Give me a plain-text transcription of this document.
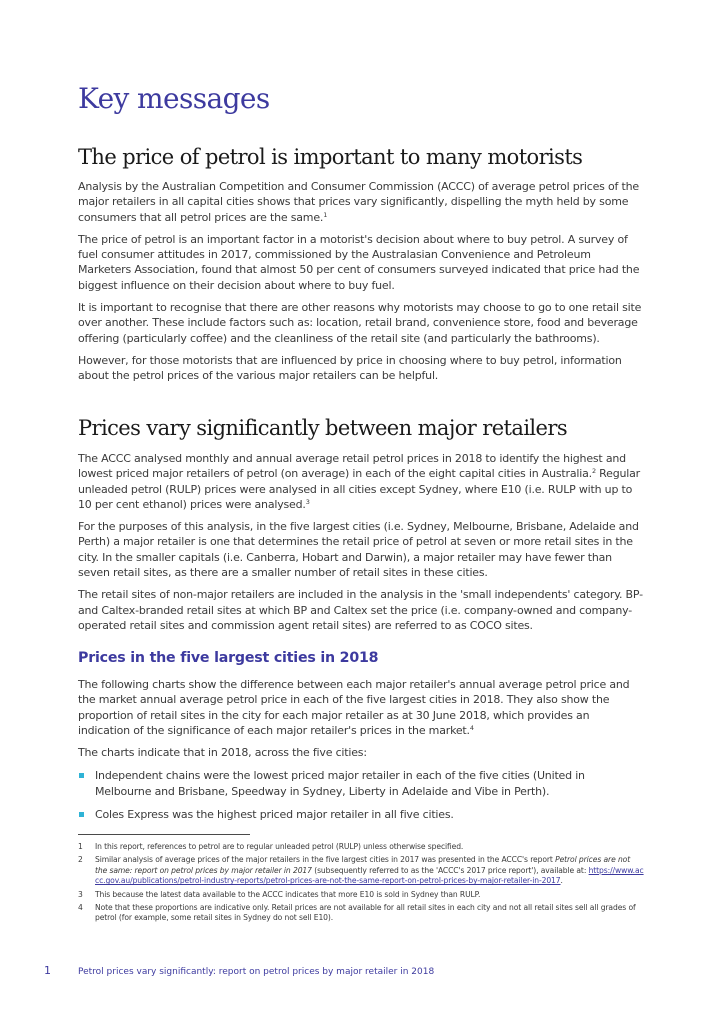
Key messages
The price of petrol is important to many motorists

Analysis by the Australian Competition and Consumer Commission (ACCC) of average petrol prices of the major retailers in all capital cities shows that prices vary significantly, dispelling the myth held by some consumers that all petrol prices are the same.$^1$

The price of petrol is an important factor in a motorist's decision about where to buy petrol. A survey of fuel consumer attitudes in 2017, commissioned by the Australasian Convenience and Petroleum Marketers Association, found that almost 50 per cent of consumers surveyed indicated that price had the biggest influence on their decision about where to buy fuel.

It is important to recognise that there are other reasons why motorists may choose to go to one retail site over another. These include factors such as: location, retail brand, convenience store, food and beverage offering (particularly coffee) and the cleanliness of the retail site (and particularly the bathrooms).

However, for those motorists that are influenced by price in choosing where to buy petrol, information about the petrol prices of the various major retailers can be helpful.

Prices vary significantly between major retailers

The ACCC analysed monthly and annual average retail petrol prices in 2018 to identify the highest and lowest priced major retailers of petrol (on average) in each of the eight capital cities in Australia.$^2$ Regular unleaded petrol (RULP) prices were analysed in all cities except Sydney, where E10 (i.e. RULP with up to 10 per cent ethanol) prices were analysed.$^3$

For the purposes of this analysis, in the five largest cities (i.e. Sydney, Melbourne, Brisbane, Adelaide and Perth) a major retailer is one that determines the retail price of petrol at seven or more retail sites in the city. In the smaller capitals (i.e. Canberra, Hobart and Darwin), a major retailer may have fewer than seven retail sites, as there are a smaller number of retail sites in these cities.

The retail sites of non-major retailers are included in the analysis in the 'small independents' category. BP- and Caltex-branded retail sites at which BP and Caltex set the price (i.e. company-owned and company-operated retail sites and commission agent retail sites) are referred to as COCO sites.

Prices in the five largest cities in 2018

The following charts show the difference between each major retailer's annual average petrol price and the market annual average petrol price in each of the five largest cities in 2018. They also show the proportion of retail sites in the city for each major retailer as at 30 June 2018, which provides an indication of the significance of each major retailer's prices in the market.$^4$

The charts indicate that in 2018, across the five cities:

Independent chains were the lowest priced major retailer in each of the five cities (United in Melbourne and Brisbane, Speedway in Sydney, Liberty in Adelaide and Vibe in Perth).
Coles Express was the highest priced major retailer in all five cities.
1 In this report, references to petrol are to regular unleaded petrol (RULP) unless otherwise specified.
2 Similar analysis of average prices of the major retailers in the five largest cities in 2017 was presented in the ACCC's report Petrol prices are not the same: report on petrol prices by major retailer in 2017 (subsequently referred to as the 'ACCC's 2017 price report'), available at: https://www.accc.gov.au/publications/petrol-industry-reports/petrol-prices-are-not-the-same-report-on-petrol-prices-by-major-retailer-in-2017.
3 This because the latest data available to the ACCC indicates that more E10 is sold in Sydney than RULP.
4 Note that these proportions are indicative only. Retail prices are not available for all retail sites in each city and not all retail sites sell all grades of petrol (for example, some retail sites in Sydney do not sell E10).
1	Petrol prices vary significantly: report on petrol prices by major retailer in 2018
